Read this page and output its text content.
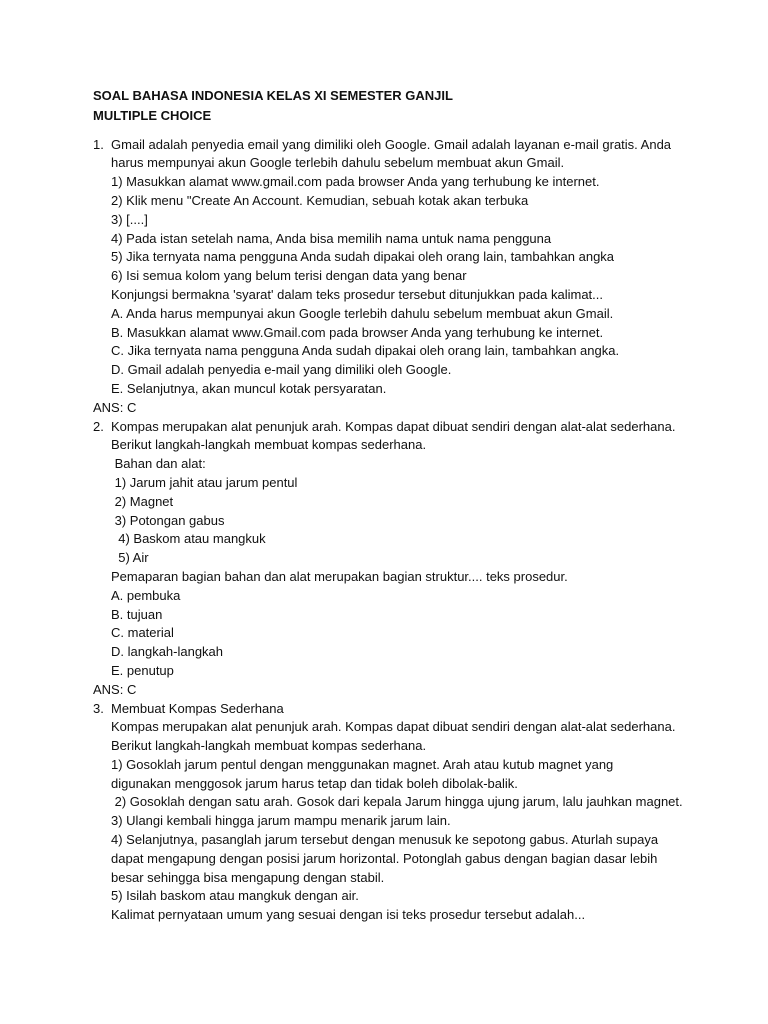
SOAL BAHASA INDONESIA KELAS XI SEMESTER GANJIL
MULTIPLE CHOICE
1. Gmail adalah penyedia email yang dimiliki oleh Google. Gmail adalah layanan e-mail gratis. Anda
harus mempunyai akun Google terlebih dahulu sebelum membuat akun Gmail.
1) Masukkan alamat www.gmail.com pada browser Anda yang terhubung ke internet.
2) Klik menu "Create An Account. Kemudian, sebuah kotak akan terbuka
3) [....]
4) Pada istan setelah nama, Anda bisa memilih nama untuk nama pengguna
5) Jika ternyata nama pengguna Anda sudah dipakai oleh orang lain, tambahkan angka
6) Isi semua kolom yang belum terisi dengan data yang benar
Konjungsi bermakna 'syarat' dalam teks prosedur tersebut ditunjukkan pada kalimat...
A. Anda harus mempunyai akun Google terlebih dahulu sebelum membuat akun Gmail.
B. Masukkan alamat www.Gmail.com pada browser Anda yang terhubung ke internet.
C. Jika ternyata nama pengguna Anda sudah dipakai oleh orang lain, tambahkan angka.
D. Gmail adalah penyedia e-mail yang dimiliki oleh Google.
E. Selanjutnya, akan muncul kotak persyaratan.
ANS: C
2. Kompas merupakan alat penunjuk arah. Kompas dapat dibuat sendiri dengan alat-alat sederhana.
Berikut langkah-langkah membuat kompas sederhana.
Bahan dan alat:
1) Jarum jahit atau jarum pentul
2) Magnet
3) Potongan gabus
4) Baskom atau mangkuk
5) Air
Pemaparan bagian bahan dan alat merupakan bagian struktur.... teks prosedur.
A. pembuka
B. tujuan
C. material
D. langkah-langkah
E. penutup
ANS: C
3. Membuat Kompas Sederhana
Kompas merupakan alat penunjuk arah. Kompas dapat dibuat sendiri dengan alat-alat sederhana.
Berikut langkah-langkah membuat kompas sederhana.
1) Gosoklah jarum pentul dengan menggunakan magnet. Arah atau kutub magnet yang
digunakan menggosok jarum harus tetap dan tidak boleh dibolak-balik.
2) Gosoklah dengan satu arah. Gosok dari kepala Jarum hingga ujung jarum, lalu jauhkan magnet.
3) Ulangi kembali hingga jarum mampu menarik jarum lain.
4) Selanjutnya, pasanglah jarum tersebut dengan menusuk ke sepotong gabus. Aturlah supaya
dapat mengapung dengan posisi jarum horizontal. Potonglah gabus dengan bagian dasar lebih
besar sehingga bisa mengapung dengan stabil.
5) Isilah baskom atau mangkuk dengan air.
Kalimat pernyataan umum yang sesuai dengan isi teks prosedur tersebut adalah...
